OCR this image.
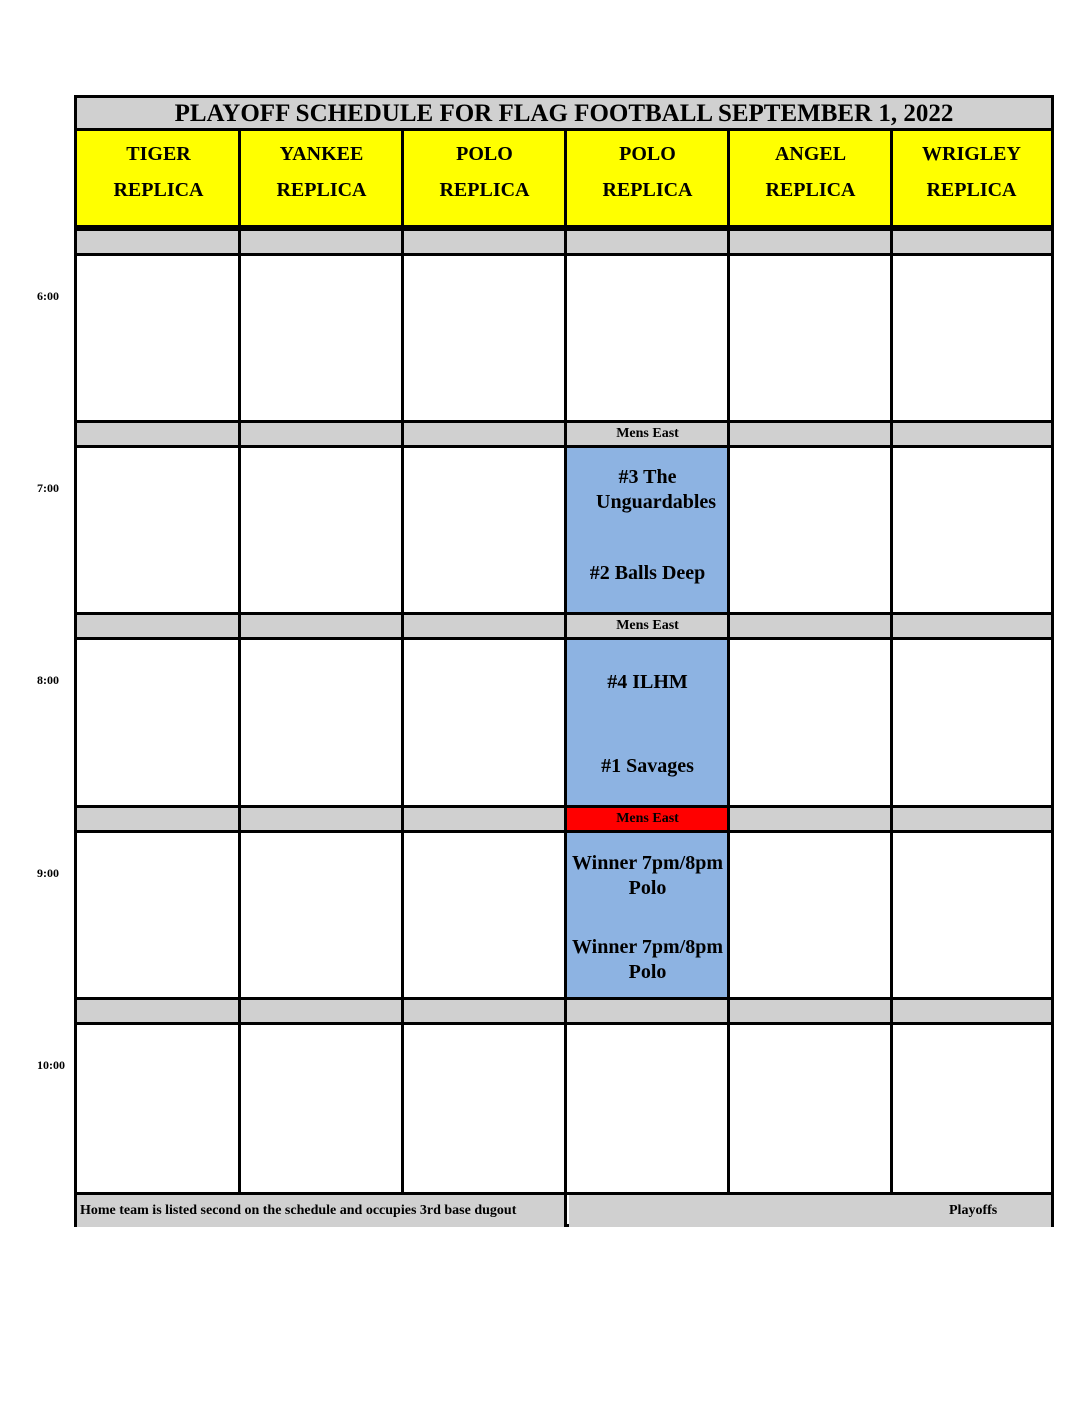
6:00
7:00
8:00
9:00
10:00
PLAYOFF SCHEDULE FOR FLAG FOOTBALL SEPTEMBER 1, 2022
TIGER
REPLICA
YANKEE
REPLICA
POLO
REPLICA
POLO
REPLICA
ANGEL
REPLICA
WRIGLEY
REPLICA
Mens East
Mens East
Mens East
#3 The Unguardables
#2 Balls Deep
#4 ILHM
#1 Savages
Winner 7pm/8pm Polo
Winner 7pm/8pm Polo
Home team is listed second on the schedule and occupies 3rd base dugout	Playoffs
